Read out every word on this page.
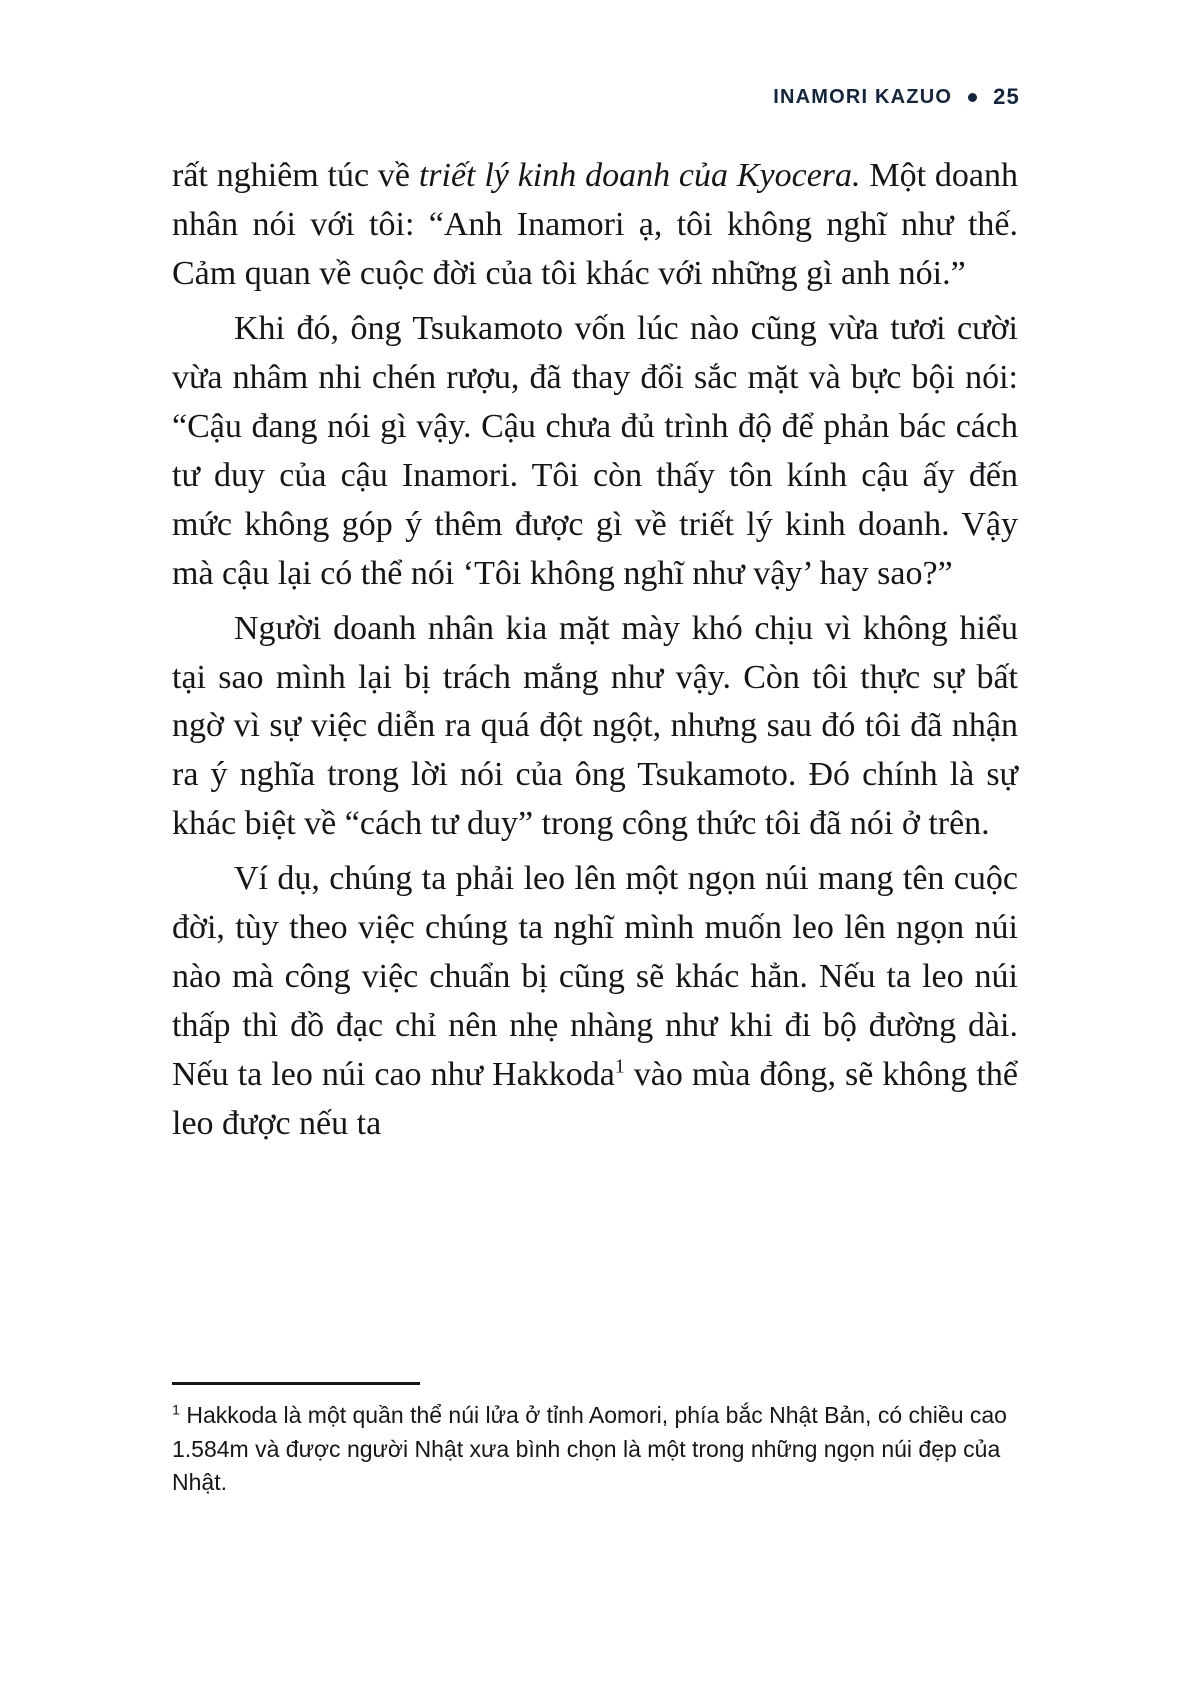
INAMORI KAZUO 25

rất nghiêm túc về triết lý kinh doanh của Kyocera. Một doanh nhân nói với tôi: “Anh Inamori ạ, tôi không nghĩ như thế. Cảm quan về cuộc đời của tôi khác với những gì anh nói.”

Khi đó, ông Tsukamoto vốn lúc nào cũng vừa tươi cười vừa nhâm nhi chén rượu, đã thay đổi sắc mặt và bực bội nói: “Cậu đang nói gì vậy. Cậu chưa đủ trình độ để phản bác cách tư duy của cậu Inamori. Tôi còn thấy tôn kính cậu ấy đến mức không góp ý thêm được gì về triết lý kinh doanh. Vậy mà cậu lại có thể nói ‘Tôi không nghĩ như vậy’ hay sao?”

Người doanh nhân kia mặt mày khó chịu vì không hiểu tại sao mình lại bị trách mắng như vậy. Còn tôi thực sự bất ngờ vì sự việc diễn ra quá đột ngột, nhưng sau đó tôi đã nhận ra ý nghĩa trong lời nói của ông Tsukamoto. Đó chính là sự khác biệt về “cách tư duy” trong công thức tôi đã nói ở trên.

Ví dụ, chúng ta phải leo lên một ngọn núi mang tên cuộc đời, tùy theo việc chúng ta nghĩ mình muốn leo lên ngọn núi nào mà công việc chuẩn bị cũng sẽ khác hẳn. Nếu ta leo núi thấp thì đồ đạc chỉ nên nhẹ nhàng như khi đi bộ đường dài. Nếu ta leo núi cao như Hakkoda$^1$ vào mùa đông, sẽ không thể leo được nếu ta

$^1$ Hakkoda là một quần thể núi lửa ở tỉnh Aomori, phía bắc Nhật Bản, có chiều cao 1.584m và được người Nhật xưa bình chọn là một trong những ngọn núi đẹp của Nhật.
